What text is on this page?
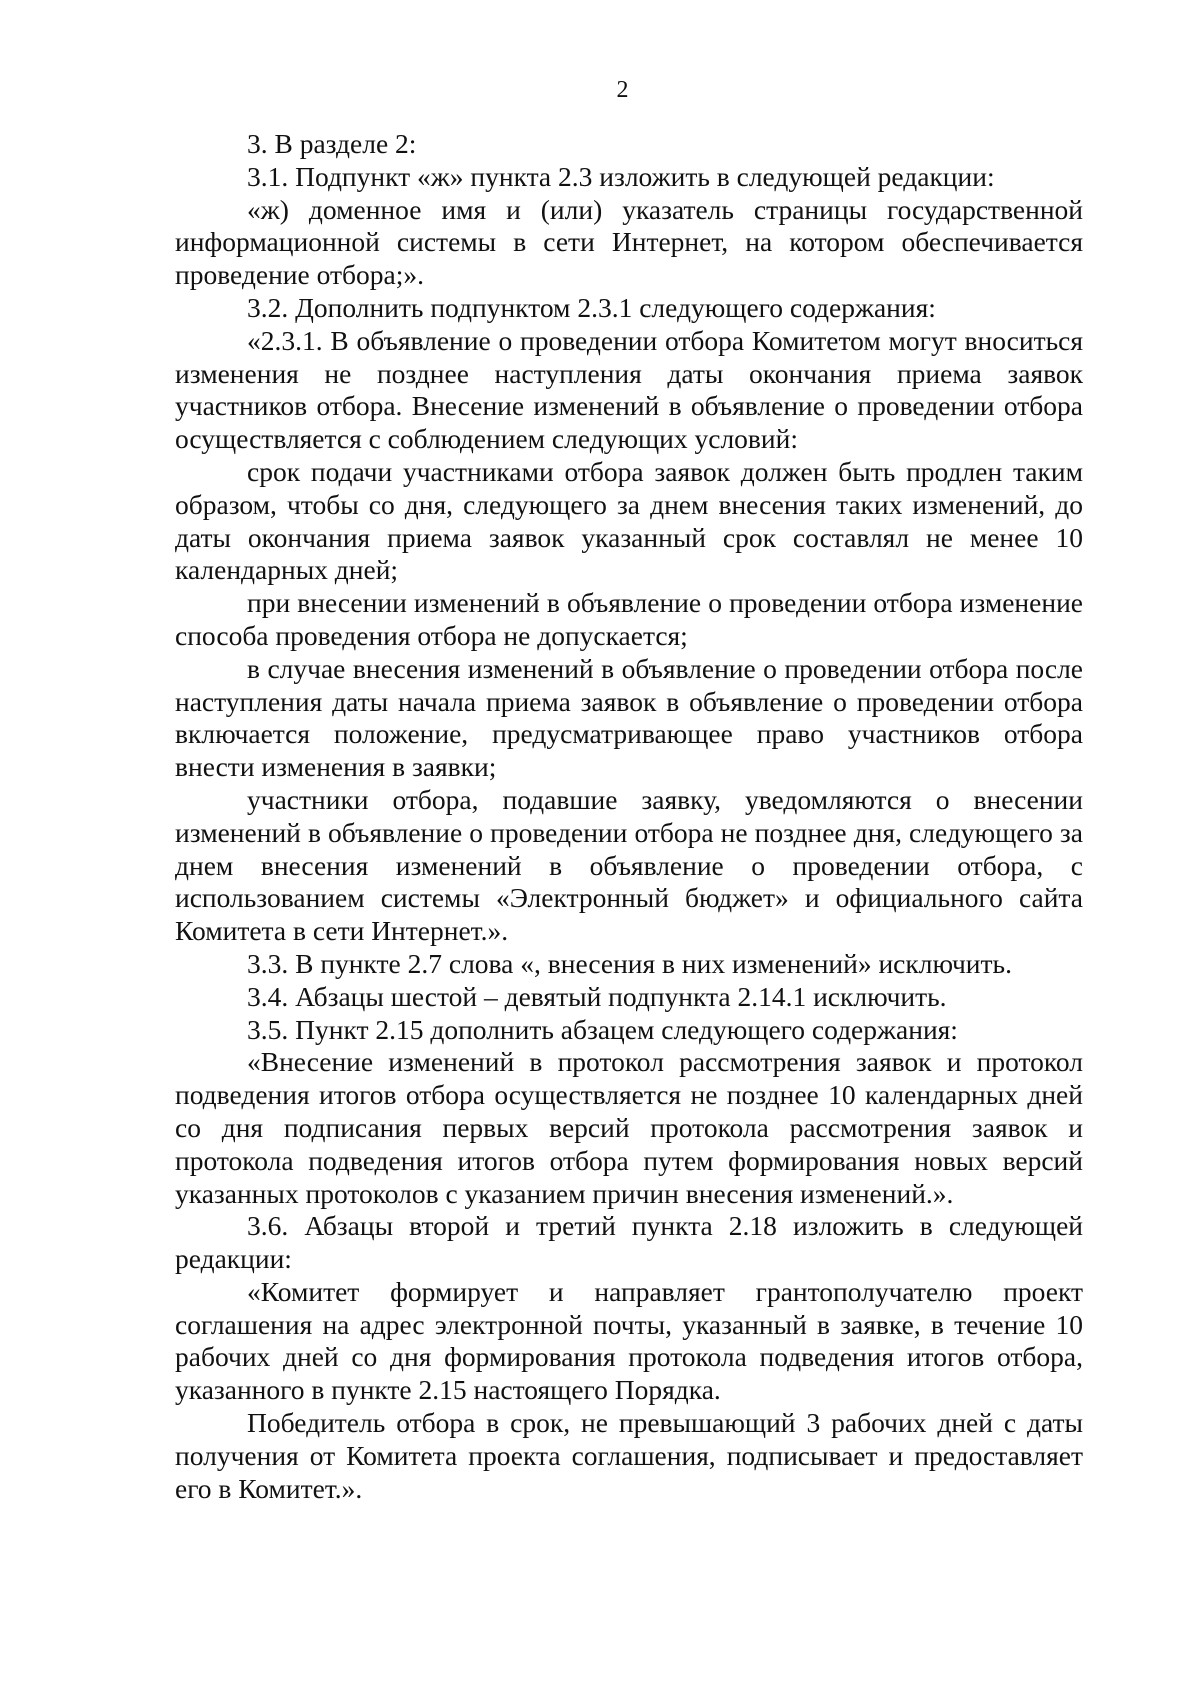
2

3. В разделе 2:

3.1. Подпункт «ж» пункта 2.3 изложить в следующей редакции:

«ж) доменное имя и (или) указатель страницы государственной информационной системы в сети Интернет, на котором обеспечивается проведение отбора;».

3.2. Дополнить подпунктом 2.3.1 следующего содержания:

«2.3.1. В объявление о проведении отбора Комитетом могут вноситься изменения не позднее наступления даты окончания приема заявок участников отбора. Внесение изменений в объявление о проведении отбора осуществляется с соблюдением следующих условий:

срок подачи участниками отбора заявок должен быть продлен таким образом, чтобы со дня, следующего за днем внесения таких изменений, до даты окончания приема заявок указанный срок составлял не менее 10 календарных дней;

при внесении изменений в объявление о проведении отбора изменение способа проведения отбора не допускается;

в случае внесения изменений в объявление о проведении отбора после наступления даты начала приема заявок в объявление о проведении отбора включается положение, предусматривающее право участников отбора внести изменения в заявки;

участники отбора, подавшие заявку, уведомляются о внесении изменений в объявление о проведении отбора не позднее дня, следующего за днем внесения изменений в объявление о проведении отбора, с использованием системы «Электронный бюджет» и официального сайта Комитета в сети Интернет.».

3.3. В пункте 2.7 слова «, внесения в них изменений» исключить.

3.4. Абзацы шестой – девятый подпункта 2.14.1 исключить.

3.5. Пункт 2.15 дополнить абзацем следующего содержания:

«Внесение изменений в протокол рассмотрения заявок и протокол подведения итогов отбора осуществляется не позднее 10 календарных дней со дня подписания первых версий протокола рассмотрения заявок и протокола подведения итогов отбора путем формирования новых версий указанных протоколов с указанием причин внесения изменений.».

3.6. Абзацы второй и третий пункта 2.18 изложить в следующей редакции:

«Комитет формирует и направляет грантополучателю проект соглашения на адрес электронной почты, указанный в заявке, в течение 10 рабочих дней со дня формирования протокола подведения итогов отбора, указанного в пункте 2.15 настоящего Порядка.

Победитель отбора в срок, не превышающий 3 рабочих дней с даты получения от Комитета проекта соглашения, подписывает и предоставляет его в Комитет.».
